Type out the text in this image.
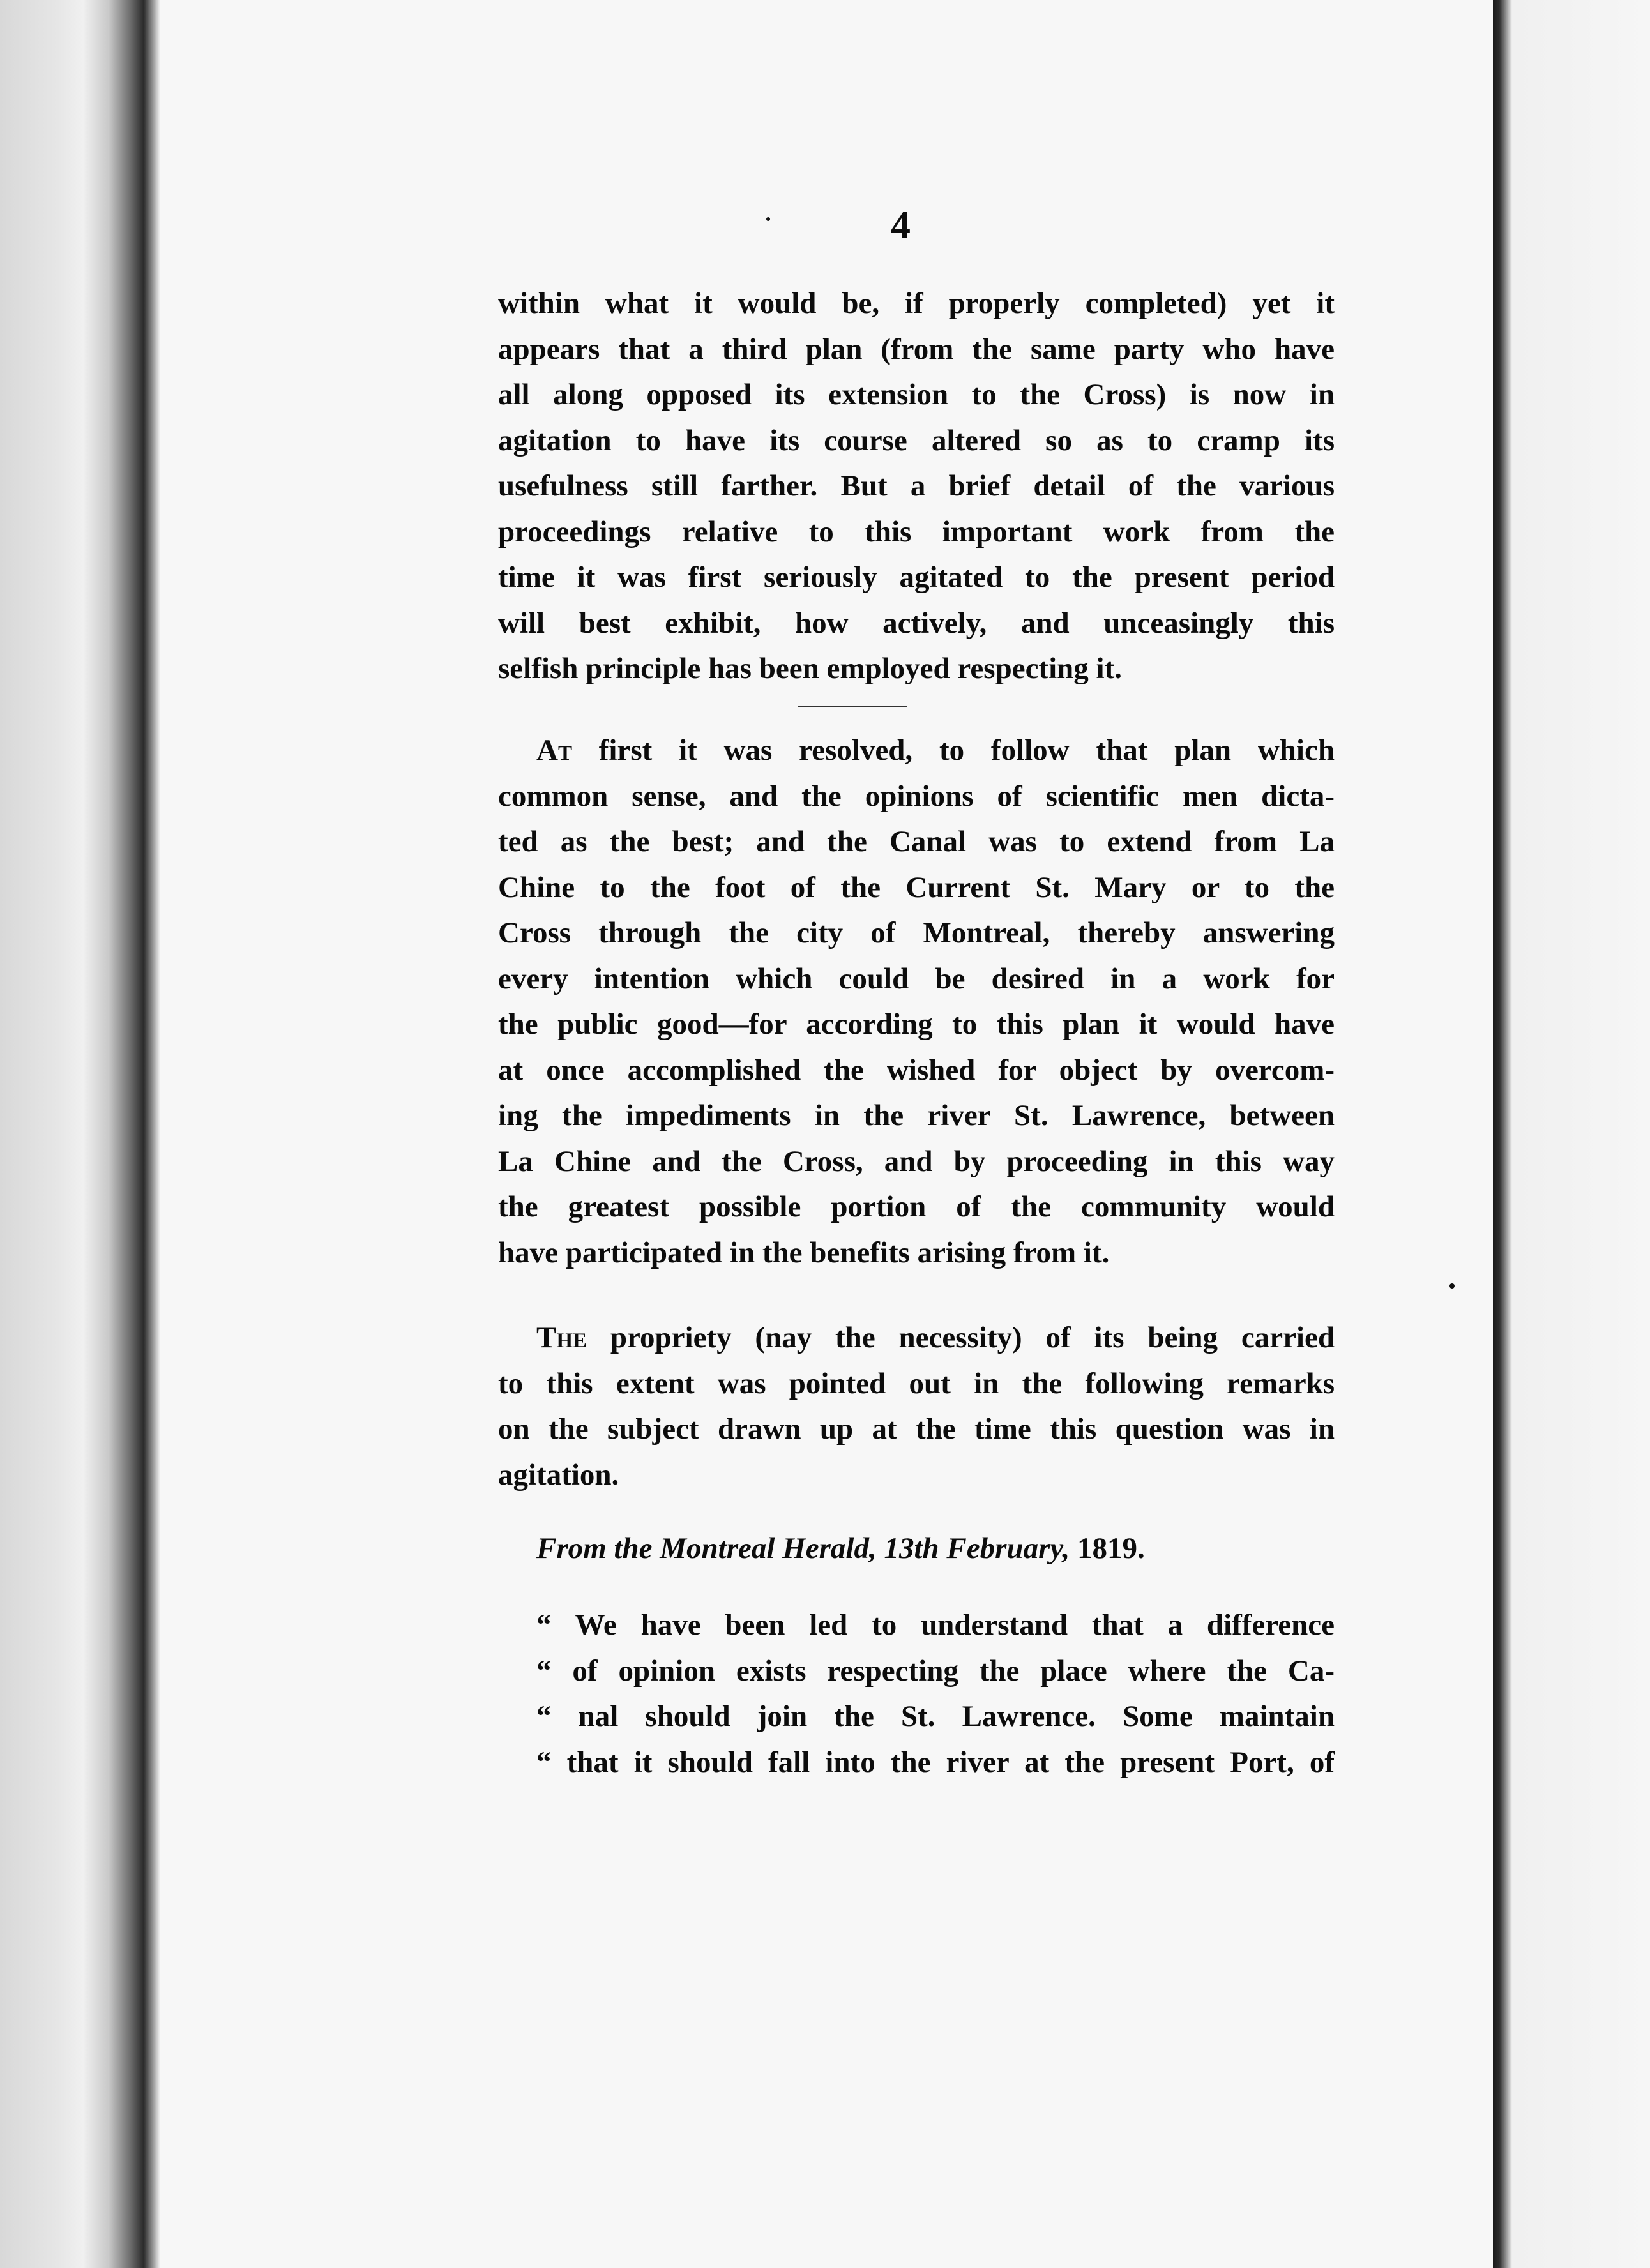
4
within what it would be, if properly completed) yet it
appears that a third plan (from the same party who have
all along opposed its extension to the Cross) is now in
agitation to have its course altered so as to cramp its
usefulness still farther. But a brief detail of the various
proceedings relative to this important work from the
time it was first seriously agitated to the present period
will best exhibit, how actively, and unceasingly this
selfish principle has been employed respecting it.
At first it was resolved, to follow that plan which
common sense, and the opinions of scientific men dicta-
ted as the best; and the Canal was to extend from La
Chine to the foot of the Current St. Mary or to the
Cross through the city of Montreal, thereby answering
every intention which could be desired in a work for
the public good—for according to this plan it would have
at once accomplished the wished for object by overcom-
ing the impediments in the river St. Lawrence, between
La Chine and the Cross, and by proceeding in this way
the greatest possible portion of the community would
have participated in the benefits arising from it.
The propriety (nay the necessity) of its being carried
to this extent was pointed out in the following remarks
on the subject drawn up at the time this question was in
agitation.
From the Montreal Herald, 13th February, 1819.
“ We have been led to understand that a difference
“ of opinion exists respecting the place where the Ca-
“ nal should join the St. Lawrence. Some maintain
“ that it should fall into the river at the present Port, of
